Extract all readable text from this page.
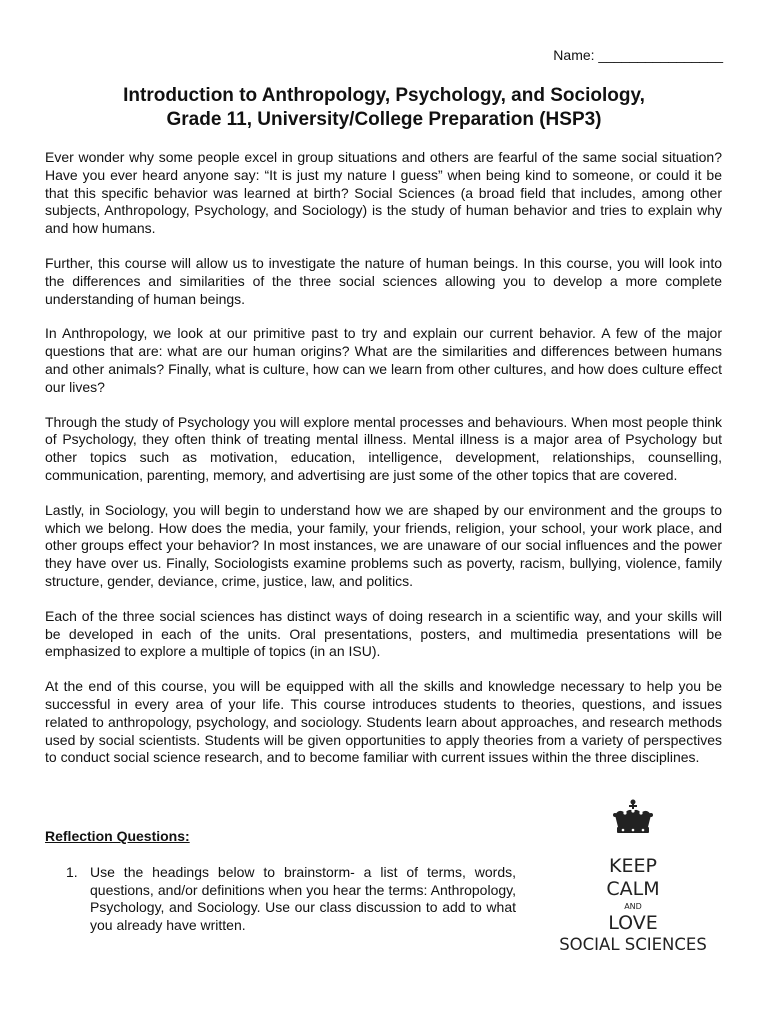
Name: ________________
Introduction to Anthropology, Psychology, and Sociology,
Grade 11, University/College Preparation (HSP3)

Ever wonder why some people excel in group situations and others are fearful of the same social situation? Have you ever heard anyone say: “It is just my nature I guess” when being kind to someone, or could it be that this specific behavior was learned at birth? Social Sciences (a broad field that includes, among other subjects, Anthropology, Psychology, and Sociology) is the study of human behavior and tries to explain why and how humans.

Further, this course will allow us to investigate the nature of human beings. In this course, you will look into the differences and similarities of the three social sciences allowing you to develop a more complete understanding of human beings.

In Anthropology, we look at our primitive past to try and explain our current behavior. A few of the major questions that are: what are our human origins? What are the similarities and differences between humans and other animals? Finally, what is culture, how can we learn from other cultures, and how does culture effect our lives?

Through the study of Psychology you will explore mental processes and behaviours. When most people think of Psychology, they often think of treating mental illness. Mental illness is a major area of Psychology but other topics such as motivation, education, intelligence, development, relationships, counselling, communication, parenting, memory, and advertising are just some of the other topics that are covered.

Lastly, in Sociology, you will begin to understand how we are shaped by our environment and the groups to which we belong. How does the media, your family, your friends, religion, your school, your work place, and other groups effect your behavior? In most instances, we are unaware of our social influences and the power they have over us. Finally, Sociologists examine problems such as poverty, racism, bullying, violence, family structure, gender, deviance, crime, justice, law, and politics.

Each of the three social sciences has distinct ways of doing research in a scientific way, and your skills will be developed in each of the units. Oral presentations, posters, and multimedia presentations will be emphasized to explore a multiple of topics (in an ISU).

At the end of this course, you will be equipped with all the skills and knowledge necessary to help you be successful in every area of your life. This course introduces students to theories, questions, and issues related to anthropology, psychology, and sociology. Students learn about approaches, and research methods used by social scientists. Students will be given opportunities to apply theories from a variety of perspectives to conduct social science research, and to become familiar with current issues within the three disciplines.

Reflection Questions:
1. Use the headings below to brainstorm- a list of terms, words, questions, and/or definitions when you hear the terms: Anthropology, Psychology, and Sociology. Use our class discussion to add to what you already have written.
KEEP
CALM
AND
LOVE
SOCIAL SCIENCES
